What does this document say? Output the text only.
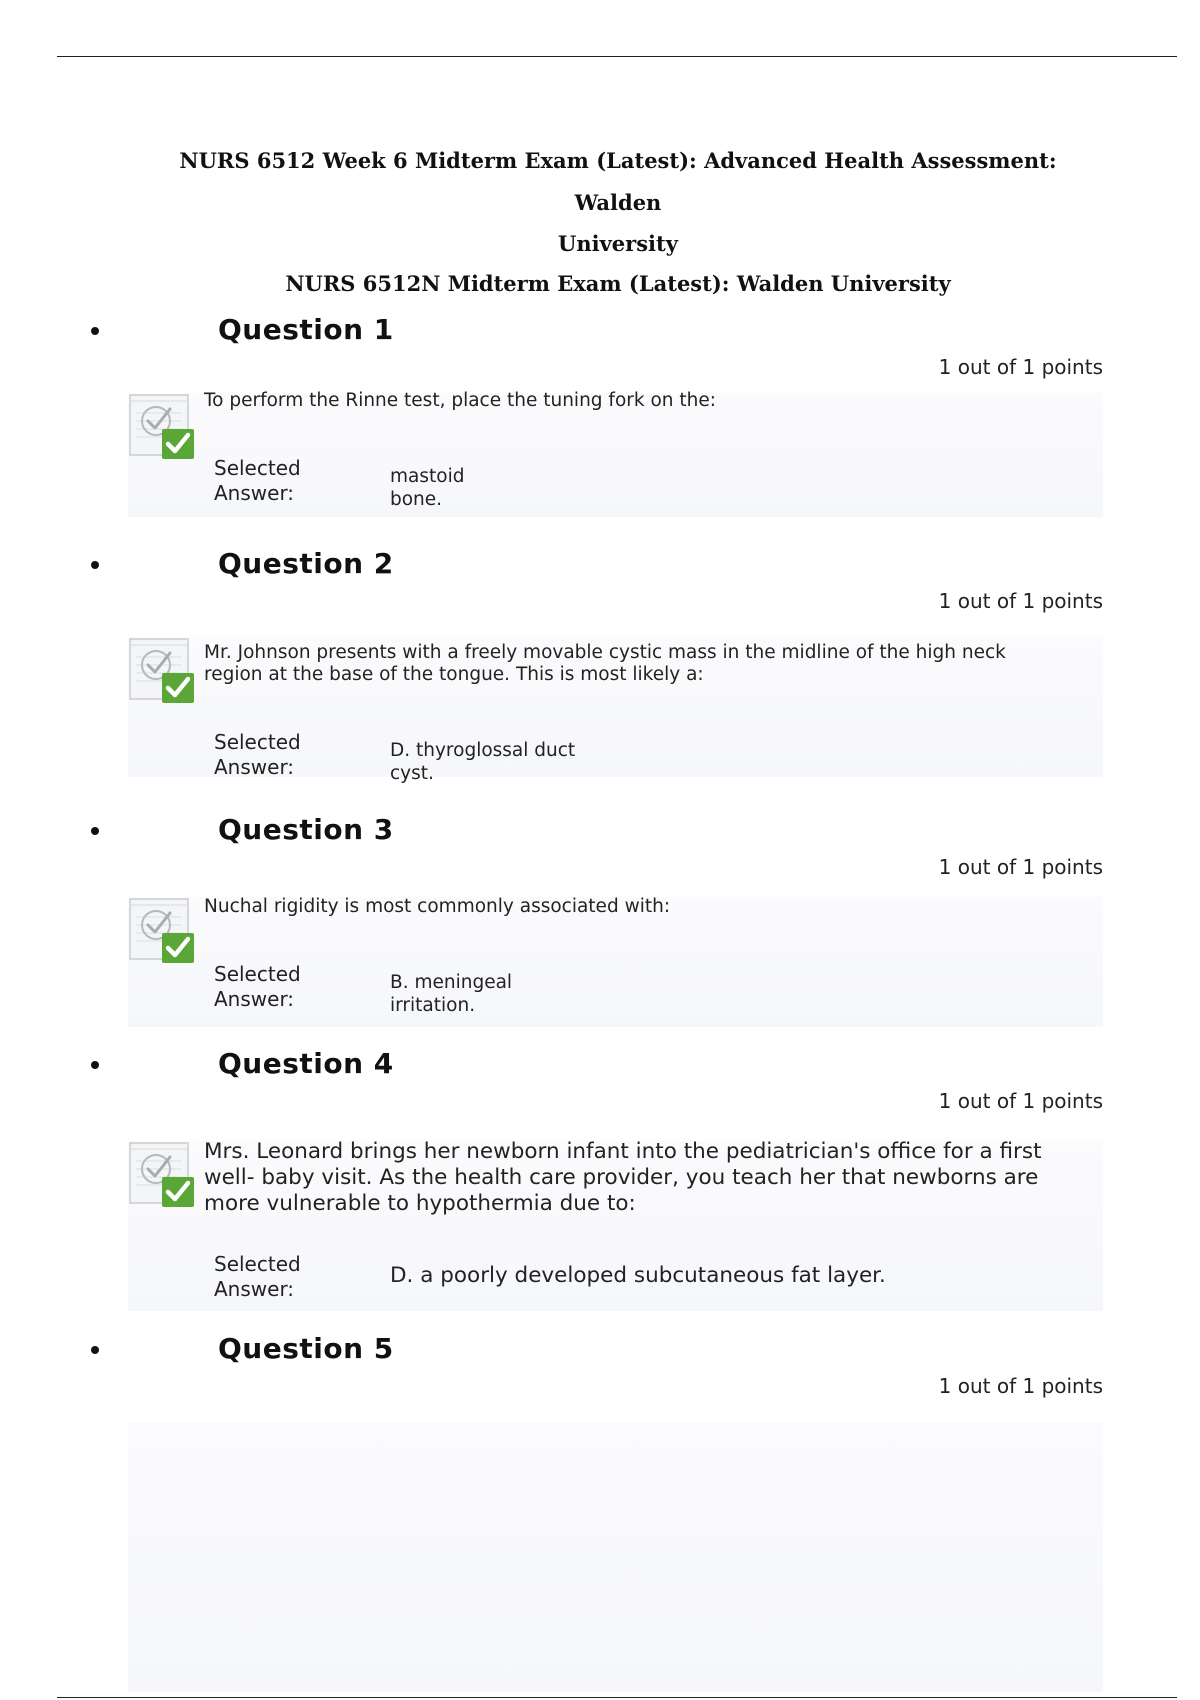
NURS 6512 Week 6 Midterm Exam (Latest): Advanced Health Assessment: Walden
University
NURS 6512N Midterm Exam (Latest): Walden University
Question 1
1 out of 1 points
To perform the Rinne test, place the tuning fork on the:
Selected Answer:
mastoid bone.
Question 2
1 out of 1 points
Mr. Johnson presents with a freely movable cystic mass in the midline of the high neck region at the base of the tongue. This is most likely a:
Selected Answer:
D. thyroglossal duct cyst.
Question 3
1 out of 1 points
Nuchal rigidity is most commonly associated with:
Selected Answer:
B. meningeal irritation.
Question 4
1 out of 1 points
Mrs. Leonard brings her newborn infant into the pediatrician's office for a first well- baby visit. As the health care provider, you teach her that newborns are more vulnerable to hypothermia due to:
Selected Answer:
D. a poorly developed subcutaneous fat layer.
Question 5
1 out of 1 points
